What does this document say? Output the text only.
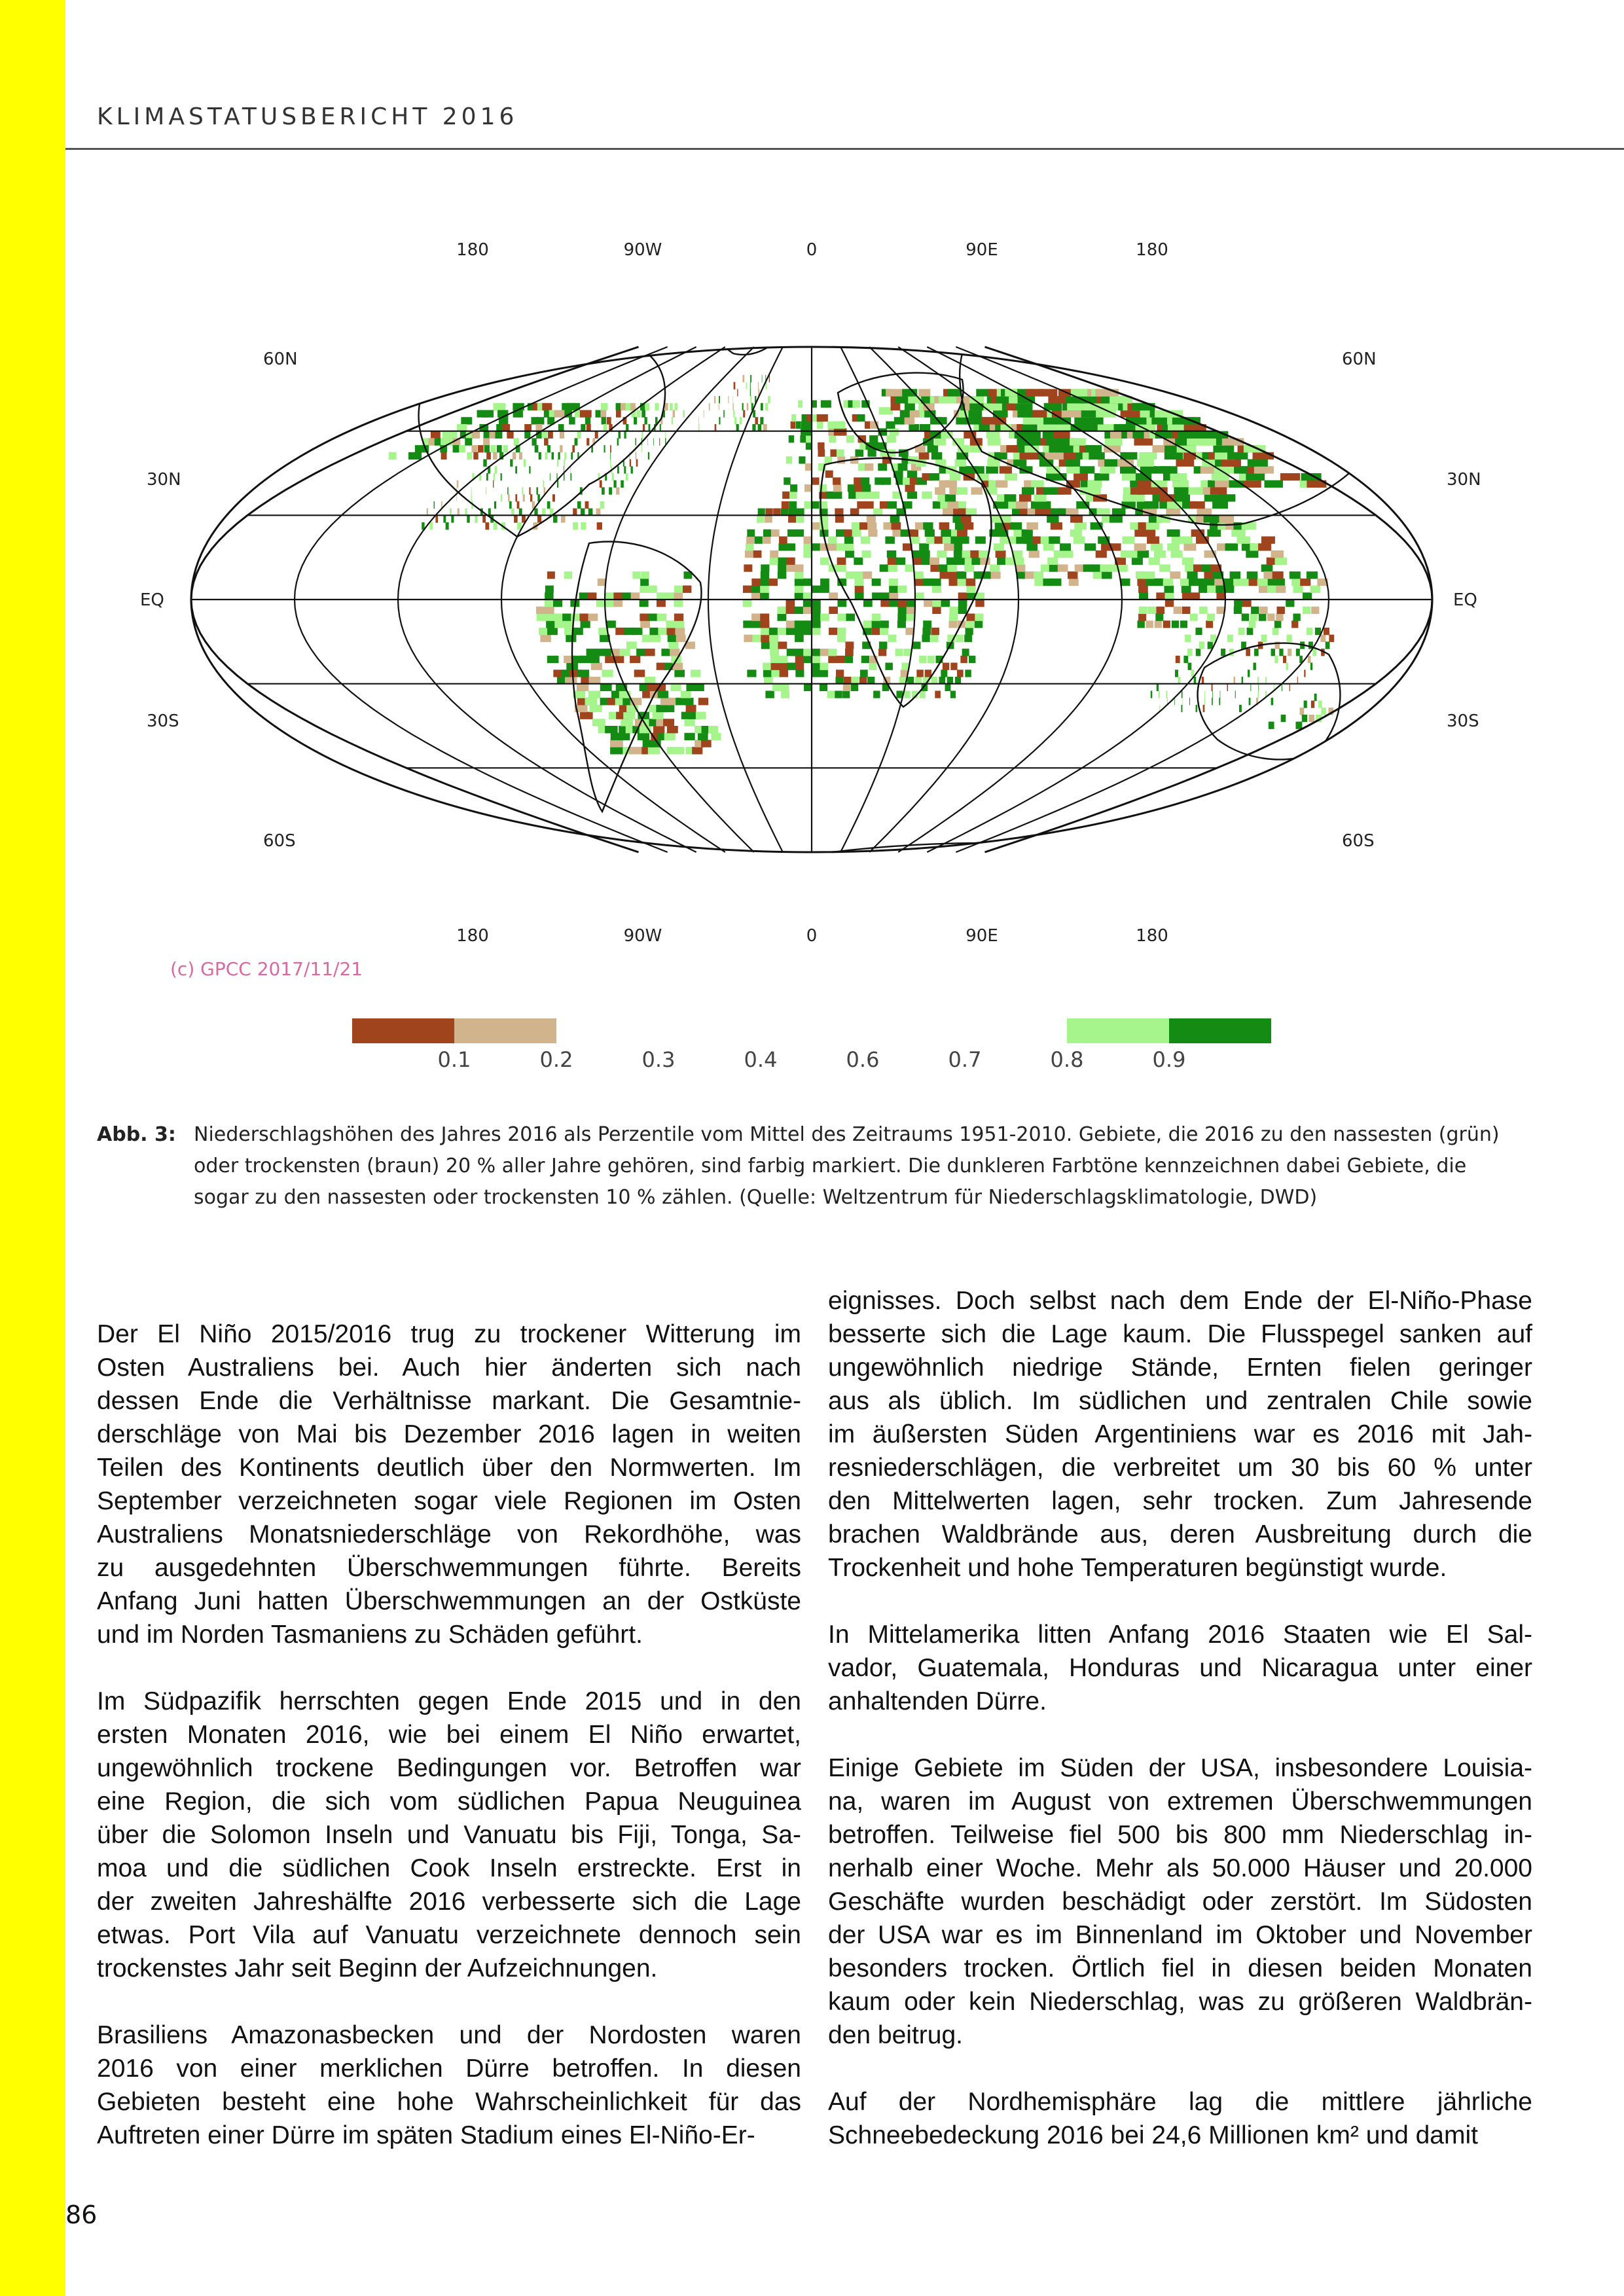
KLIMASTATUSBERICHT 2016
180
180
90W
90W
0
0
90E
90E
180
180
60N	60N
30N	30N
EQ	EQ
30S	30S
60S	60S
(c) GPCC 2017/11/21
0.1	0.2	0.3	0.4	0.6	0.7	0.8	0.9
Abb. 3: Niederschlagshöhen des Jahres 2016 als Perzentile vom Mittel des Zeitraums 1951-2010. Gebiete, die 2016 zu den nassesten (grün)
oder trockensten (braun) 20 % aller Jahre gehören, sind farbig markiert. Die dunkleren Farbtöne kennzeichnen dabei Gebiete, die
sogar zu den nassesten oder trockensten 10 % zählen. (Quelle: Weltzentrum für Niederschlagsklimatologie, DWD)
Der El Niño 2015/2016 trug zu trockener Witterung im
Osten Australiens bei. Auch hier änderten sich nach
dessen Ende die Verhältnisse markant. Die Gesamtnie-
derschläge von Mai bis Dezember 2016 lagen in weiten
Teilen des Kontinents deutlich über den Normwerten. Im
September verzeichneten sogar viele Regionen im Osten
Australiens Monatsniederschläge von Rekordhöhe, was
zu ausgedehnten Überschwemmungen führte. Bereits
Anfang Juni hatten Überschwemmungen an der Ostküste
und im Norden Tasmaniens zu Schäden geführt.
Im Südpazifik herrschten gegen Ende 2015 und in den
ersten Monaten 2016, wie bei einem El Niño erwartet,
ungewöhnlich trockene Bedingungen vor. Betroffen war
eine Region, die sich vom südlichen Papua Neuguinea
über die Solomon Inseln und Vanuatu bis Fiji, Tonga, Sa-
moa und die südlichen Cook Inseln erstreckte. Erst in
der zweiten Jahreshälfte 2016 verbesserte sich die Lage
etwas. Port Vila auf Vanuatu verzeichnete dennoch sein
trockenstes Jahr seit Beginn der Aufzeichnungen.
Brasiliens Amazonasbecken und der Nordosten waren
2016 von einer merklichen Dürre betroffen. In diesen
Gebieten besteht eine hohe Wahrscheinlichkeit für das
Auftreten einer Dürre im späten Stadium eines El-Niño-Er-
eignisses. Doch selbst nach dem Ende der El-Niño-Phase
besserte sich die Lage kaum. Die Flusspegel sanken auf
ungewöhnlich niedrige Stände, Ernten fielen geringer
aus als üblich. Im südlichen und zentralen Chile sowie
im äußersten Süden Argentiniens war es 2016 mit Jah-
resniederschlägen, die verbreitet um 30 bis 60 % unter
den Mittelwerten lagen, sehr trocken. Zum Jahresende
brachen Waldbrände aus, deren Ausbreitung durch die
Trockenheit und hohe Temperaturen begünstigt wurde.
In Mittelamerika litten Anfang 2016 Staaten wie El Sal-
vador, Guatemala, Honduras und Nicaragua unter einer
anhaltenden Dürre.
Einige Gebiete im Süden der USA, insbesondere Louisia-
na, waren im August von extremen Überschwemmungen
betroffen. Teilweise fiel 500 bis 800 mm Niederschlag in-
nerhalb einer Woche. Mehr als 50.000 Häuser und 20.000
Geschäfte wurden beschädigt oder zerstört. Im Südosten
der USA war es im Binnenland im Oktober und November
besonders trocken. Örtlich fiel in diesen beiden Monaten
kaum oder kein Niederschlag, was zu größeren Waldbrän-
den beitrug.
Auf der Nordhemisphäre lag die mittlere jährliche
Schneebedeckung 2016 bei 24,6 Millionen km² und damit
86
